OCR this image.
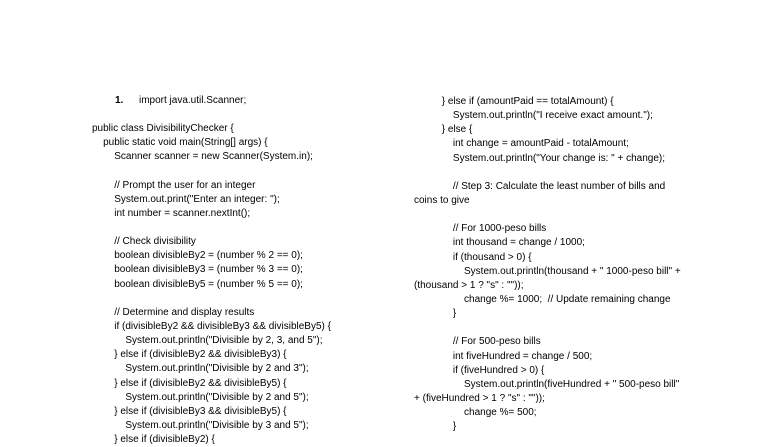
1. import java.util.Scanner;
public class DivisibilityChecker {
public static void main(String[] args) {
Scanner scanner = new Scanner(System.in);
// Prompt the user for an integer
System.out.print("Enter an integer: ");
int number = scanner.nextInt();
// Check divisibility
boolean divisibleBy2 = (number % 2 == 0);
boolean divisibleBy3 = (number % 3 == 0);
boolean divisibleBy5 = (number % 5 == 0);
// Determine and display results
if (divisibleBy2 && divisibleBy3 && divisibleBy5) {
System.out.println("Divisible by 2, 3, and 5");
} else if (divisibleBy2 && divisibleBy3) {
System.out.println("Divisible by 2 and 3");
} else if (divisibleBy2 && divisibleBy5) {
System.out.println("Divisible by 2 and 5");
} else if (divisibleBy3 && divisibleBy5) {
System.out.println("Divisible by 3 and 5");
} else if (divisibleBy2) {
} else if (amountPaid == totalAmount) {
System.out.println("I receive exact amount.");
} else {
int change = amountPaid - totalAmount;
System.out.println("Your change is: " + change);
// Step 3: Calculate the least number of bills and
coins to give
// For 1000-peso bills
int thousand = change / 1000;
if (thousand > 0) {
System.out.println(thousand + " 1000-peso bill" +
(thousand > 1 ? "s" : ""));
change %= 1000;  // Update remaining change
}
// For 500-peso bills
int fiveHundred = change / 500;
if (fiveHundred > 0) {
System.out.println(fiveHundred + " 500-peso bill"
+ (fiveHundred > 1 ? "s" : ""));
change %= 500;
}
